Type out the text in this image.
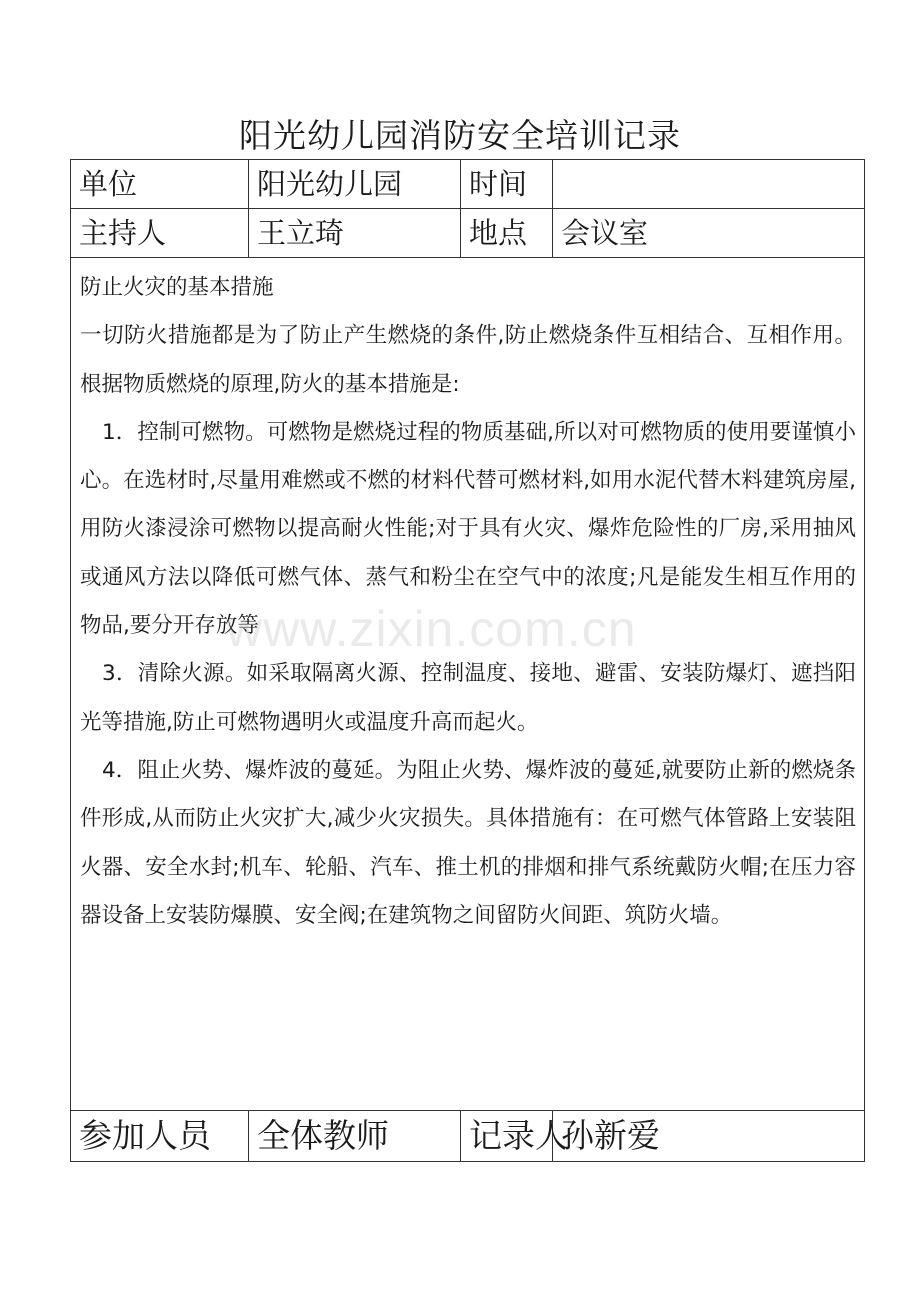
阳光幼儿园消防安全培训记录
单位	阳光幼儿园	时间	
主持人	王立琦	地点	会议室

防止火灾的基本措施

一切防火措施都是为了防止产生燃烧的条件,防止燃烧条件互相结合、互相作用。根据物质燃烧的原理,防火的基本措施是:

1．控制可燃物。可燃物是燃烧过程的物质基础,所以对可燃物质的使用要谨慎小心。在选材时,尽量用难燃或不燃的材料代替可燃材料,如用水泥代替木料建筑房屋,用防火漆浸涂可燃物以提高耐火性能;对于具有火灾、爆炸危险性的厂房,采用抽风或通风方法以降低可燃气体、蒸气和粉尘在空气中的浓度;凡是能发生相互作用的物品,要分开存放等

3．清除火源。如采取隔离火源、控制温度、接地、避雷、安装防爆灯、遮挡阳光等措施,防止可燃物遇明火或温度升高而起火。

4．阻止火势、爆炸波的蔓延。为阻止火势、爆炸波的蔓延,就要防止新的燃烧条件形成,从而防止火灾扩大,减少火灾损失。具体措施有：在可燃气体管路上安装阻火器、安全水封;机车、轮船、汽车、推土机的排烟和排气系统戴防火帽;在压力容器设备上安装防爆膜、安全阀;在建筑物之间留防火间距、筑防火墙。			

参加人员	全体教师	记录人	孙新爱
www.zixin.com.cn
